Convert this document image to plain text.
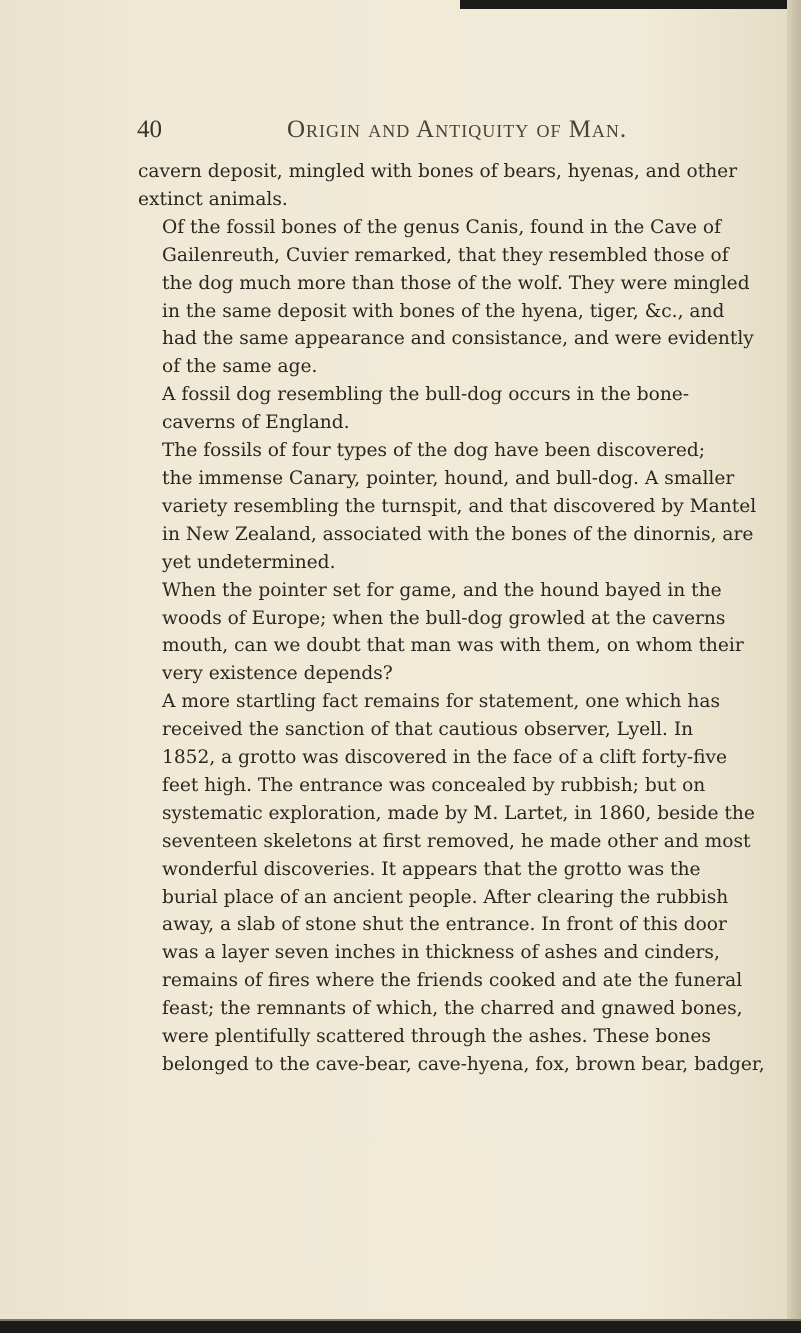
40	Origin and Antiquity of Man.

cavern deposit, mingled with bones of bears, hyenas, and other
extinct animals.

Of the fossil bones of the genus Canis, found in the Cave of
Gailenreuth, Cuvier remarked, that they resembled those of
the dog much more than those of the wolf. They were mingled
in the same deposit with bones of the hyena, tiger, &c., and
had the same appearance and consistance, and were evidently
of the same age.

A fossil dog resembling the bull-dog occurs in the bone-
caverns of England.

The fossils of four types of the dog have been discovered;
the immense Canary, pointer, hound, and bull-dog. A smaller
variety resembling the turnspit, and that discovered by Mantel
in New Zealand, associated with the bones of the dinornis, are
yet undetermined.

When the pointer set for game, and the hound bayed in the
woods of Europe; when the bull-dog growled at the caverns
mouth, can we doubt that man was with them, on whom their
very existence depends?

A more startling fact remains for statement, one which has
received the sanction of that cautious observer, Lyell. In
1852, a grotto was discovered in the face of a clift forty-five
feet high. The entrance was concealed by rubbish; but on
systematic exploration, made by M. Lartet, in 1860, beside the
seventeen skeletons at first removed, he made other and most
wonderful discoveries. It appears that the grotto was the
burial place of an ancient people. After clearing the rubbish
away, a slab of stone shut the entrance. In front of this door
was a layer seven inches in thickness of ashes and cinders,
remains of fires where the friends cooked and ate the funeral
feast; the remnants of which, the charred and gnawed bones,
were plentifully scattered through the ashes. These bones
belonged to the cave-bear, cave-hyena, fox, brown bear, badger,
